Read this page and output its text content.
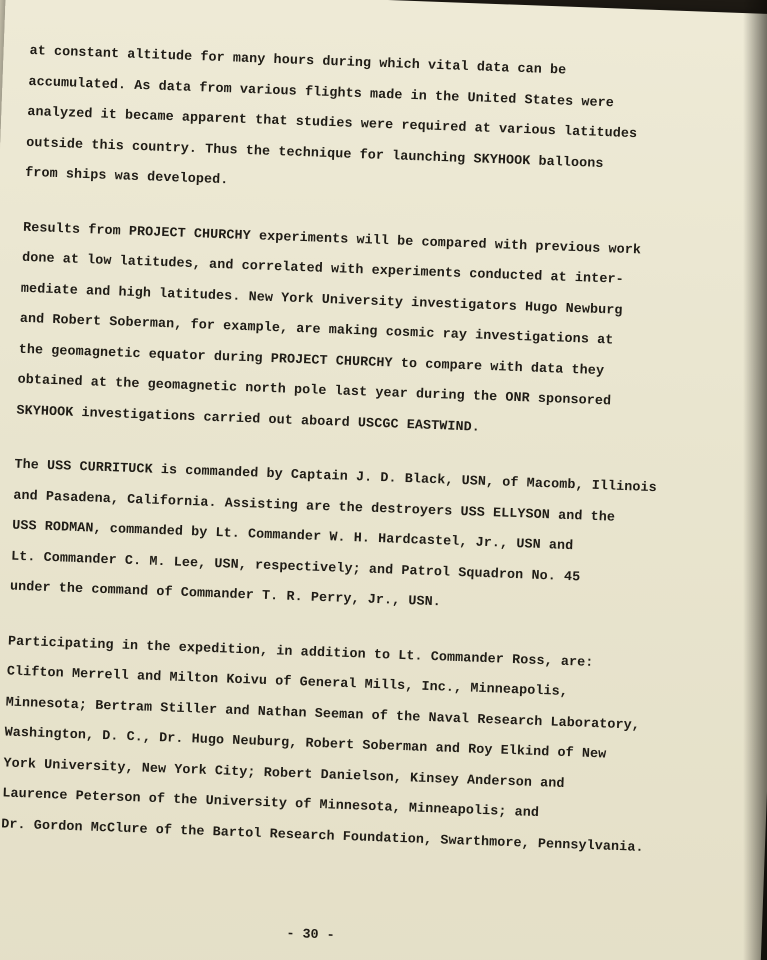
at constant altitude for many hours during which vital data can be
accumulated. As data from various flights made in the United States were
analyzed it became apparent that studies were required at various latitudes
outside this country. Thus the technique for launching SKYHOOK balloons
from ships was developed.
Results from PROJECT CHURCHY experiments will be compared with previous work
done at low latitudes, and correlated with experiments conducted at inter-
mediate and high latitudes. New York University investigators Hugo Newburg
and Robert Soberman, for example, are making cosmic ray investigations at
the geomagnetic equator during PROJECT CHURCHY to compare with data they
obtained at the geomagnetic north pole last year during the ONR sponsored
SKYHOOK investigations carried out aboard USCGC EASTWIND.
The USS CURRITUCK is commanded by Captain J. D. Black, USN, of Macomb, Illinois
and Pasadena, California. Assisting are the destroyers USS ELLYSON and the
USS RODMAN, commanded by Lt. Commander W. H. Hardcastel, Jr., USN and
Lt. Commander C. M. Lee, USN, respectively; and Patrol Squadron No. 45
under the command of Commander T. R. Perry, Jr., USN.
Participating in the expedition, in addition to Lt. Commander Ross, are:
Clifton Merrell and Milton Koivu of General Mills, Inc., Minneapolis,
Minnesota; Bertram Stiller and Nathan Seeman of the Naval Research Laboratory,
Washington, D. C., Dr. Hugo Neuburg, Robert Soberman and Roy Elkind of New
York University, New York City; Robert Danielson, Kinsey Anderson and
Laurence Peterson of the University of Minnesota, Minneapolis; and
Dr. Gordon McClure of the Bartol Research Foundation, Swarthmore, Pennsylvania.
- 30 -
